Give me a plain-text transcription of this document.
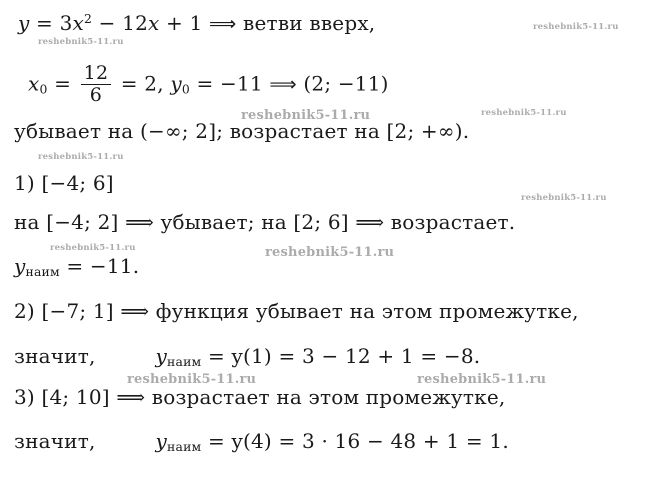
$y = 3x^2 - 12x + 1$ ⟹ ветви вверх,
$x_0 = \frac{12}{6} = 2$, $y_0 = -11$ ⟹ (2; −11)
убывает на (−∞; 2]; возрастает на [2; +∞).
1) [−4; 6]
на [−4; 2] ⟹ убывает; на [2; 6] ⟹ возрастает.
$y_{наим} = -11$.
2) [−7; 1] ⟹ функция убывает на этом промежутке,
значит,	$y_{наим} = y(1) = 3 - 12 + 1 = -8$.
3) [4; 10] ⟹ возрастает на этом промежутке,
значит,	$y_{наим} = y(4) = 3 \cdot 16 - 48 + 1 = 1$.
reshebnik5-11.ru
reshebnik5-11.ru
reshebnik5-11.ru	reshebnik5-11.ru
reshebnik5-11.ru
reshebnik5-11.ru
reshebnik5-11.ru
reshebnik5-11.ru
reshebnik5-11.ru	reshebnik5-11.ru
